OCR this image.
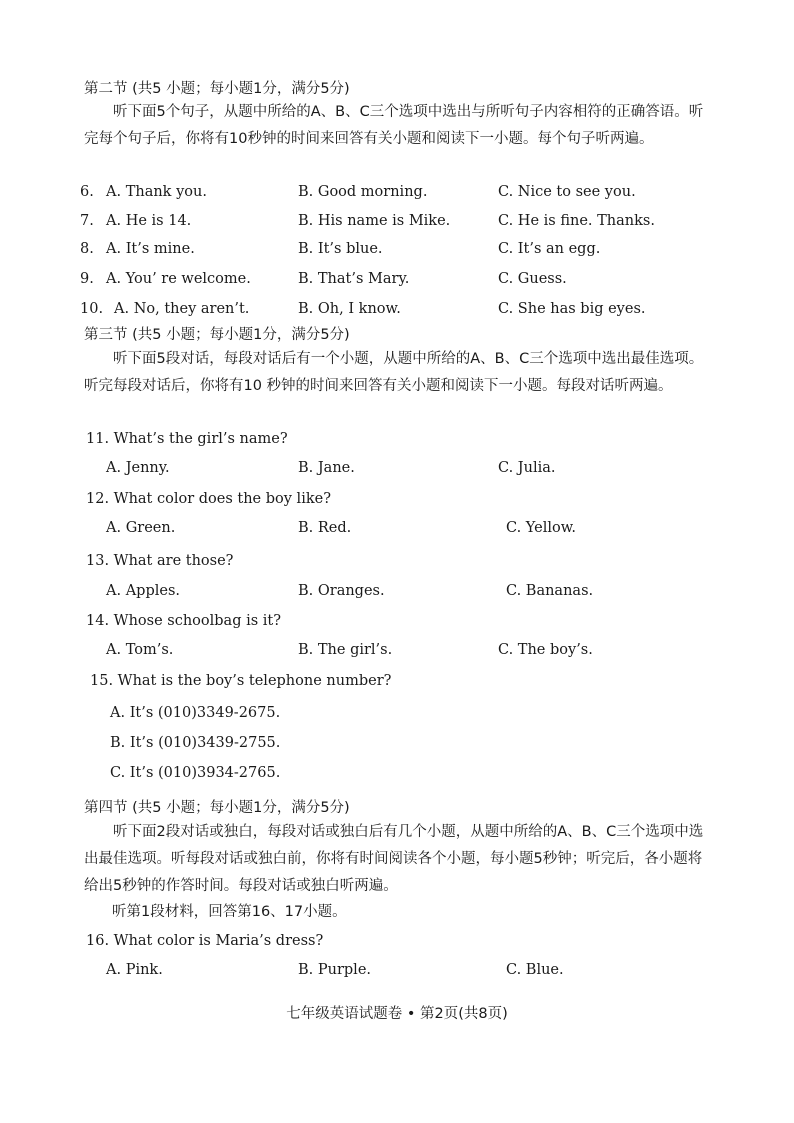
第二节 (共5 小题；每小题1分，满分5分)
听下面5个句子，从题中所给的A、B、C三个选项中选出与所听句子内容相符的正确答语。听完每个句子后，你将有10秒钟的时间来回答有关小题和阅读下一小题。每个句子听两遍。
6. A. Thank you.	B. Good morning.	C. Nice to see you.
7. A. He is 14.	B. His name is Mike.	C. He is fine. Thanks.
8. A. It’s mine.	B. It’s blue.	C. It’s an egg.
9. A. You’ re welcome.	B. That’s Mary.	C. Guess.
10. A. No, they aren’t.	B. Oh, I know.	C. She has big eyes.
第三节 (共5 小题；每小题1分，满分5分)
听下面5段对话，每段对话后有一个小题，从题中所给的A、B、C三个选项中选出最佳选项。听完每段对话后，你将有10 秒钟的时间来回答有关小题和阅读下一小题。每段对话听两遍。
11. What’s the girl’s name?
A. Jenny.	B. Jane.	C. Julia.
12. What color does the boy like?
A. Green.	B. Red.	C. Yellow.
13. What are those?
A. Apples.	B. Oranges.	C. Bananas.
14. Whose schoolbag is it?
A. Tom’s.	B. The girl’s.	C. The boy’s.
15. What is the boy’s telephone number?
A. It’s (010)3349-2675.
B. It’s (010)3439-2755.
C. It’s (010)3934-2765.
第四节 (共5 小题；每小题1分，满分5分)
听下面2段对话或独白，每段对话或独白后有几个小题，从题中所给的A、B、C三个选项中选出最佳选项。听每段对话或独白前，你将有时间阅读各个小题，每小题5秒钟；听完后，各小题将给出5秒钟的作答时间。每段对话或独白听两遍。
听第1段材料，回答第16、17小题。
16. What color is Maria’s dress?
A. Pink.	B. Purple.	C. Blue.
七年级英语试题卷 • 第2页(共8页)
